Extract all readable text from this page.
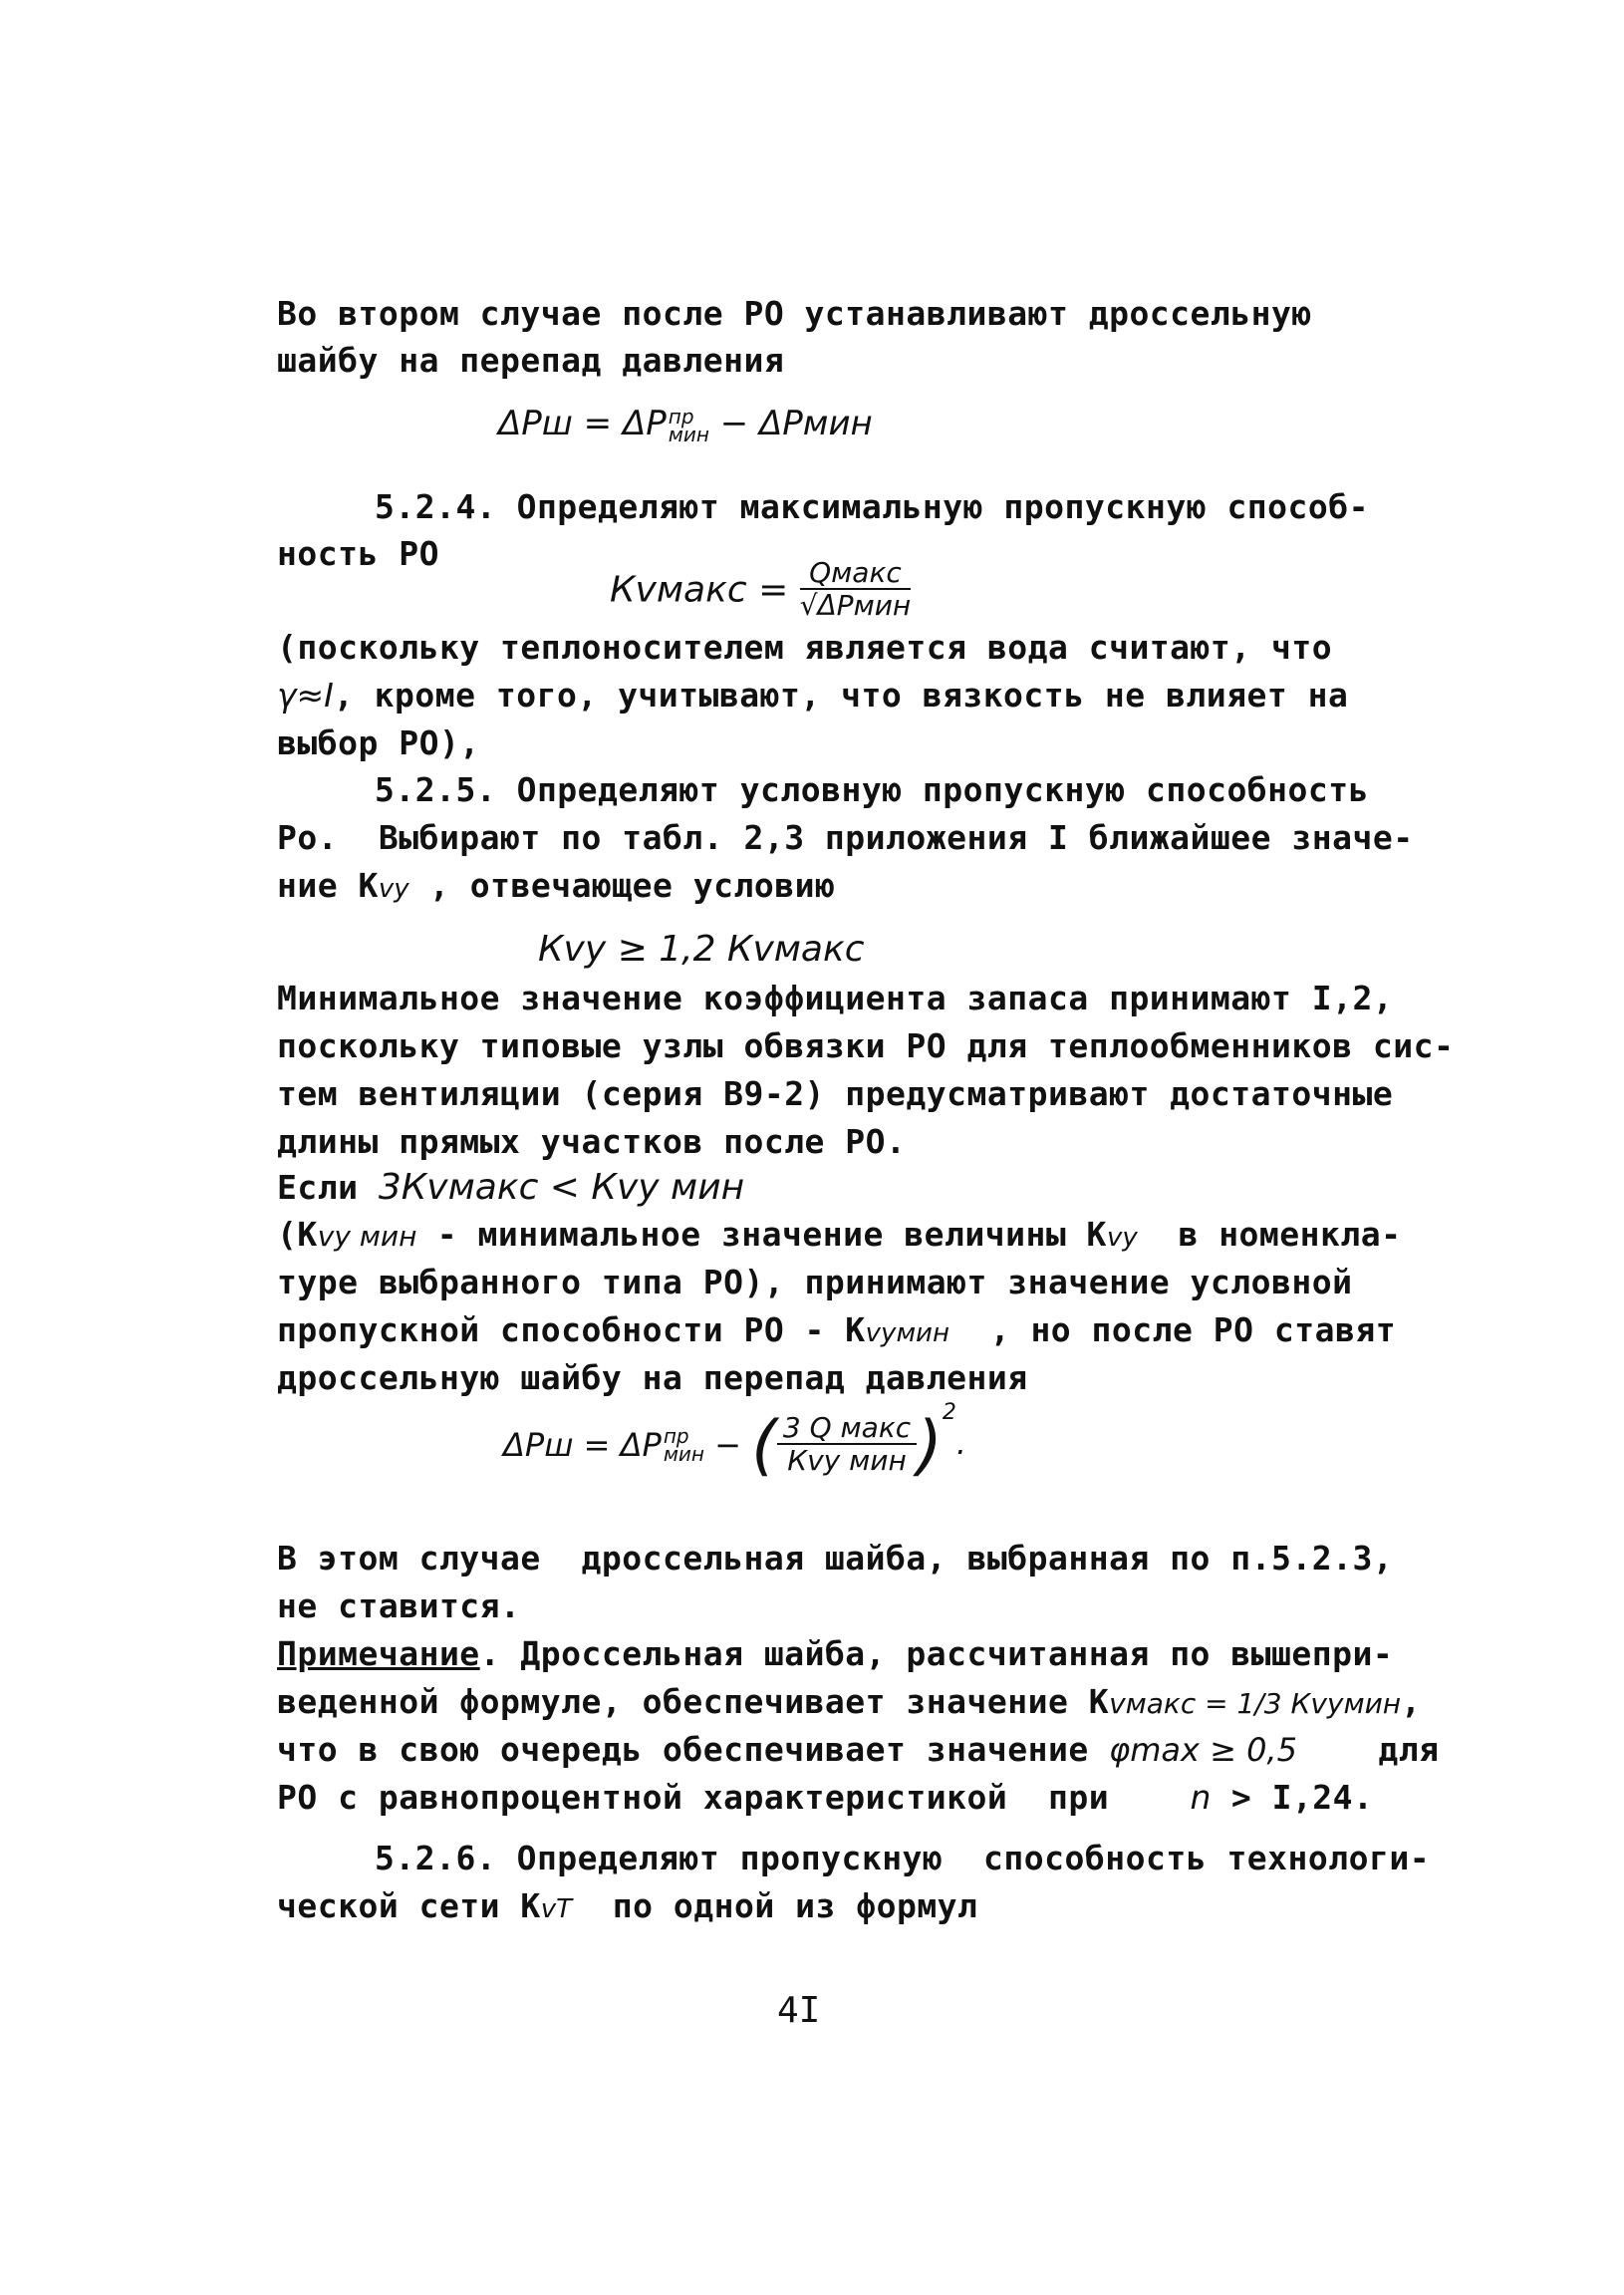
Во втором случае после РО устанавливают дроссельную
шайбу на перепад давления
ΔPш = ΔP пр
мин − ΔPмин
5.2.4. Определяют максимальную пропускную способ-
ность РО
Кvмакс = $\frac{\text{Qмакс}}{\text{√ΔPмин}}$
(поскольку теплоносителем является вода считают, что
γ≈I, кроме того, учитывают, что вязкость не влияет на
выбор РО),
5.2.5. Определяют условную пропускную способность
Ро.  Выбирают по табл. 2,3 приложения I ближайшее значе-
ние Кvy , отвечающее условию
Кvy ≥ 1,2 Кvмакс
Минимальное значение коэффициента запаса принимают I,2,
поскольку типовые узлы обвязки РО для теплообменников сис-
тем вентиляции (серия В9-2) предусматривают достаточные
длины прямых участков после РО.
Если 3Кvмакс < Кvy мин
(Кvy мин - минимальное значение величины Кvy  в номенкла-
туре выбранного типа РО), принимают значение условной
пропускной способности РО - Кvyмин  , но после РО ставят
дроссельную шайбу на перепад давления
ΔPш = ΔP пр
мин − ( $\frac{\text{3 Q макс}}{\text{Кvy мин}} )^2$.
В этом случае  дроссельная шайба, выбранная по п.5.2.3,
не ставится.
Примечание. Дроссельная шайба, рассчитанная по вышепри-
веденной формуле, обеспечивает значение Кvмакс = 1/3 Кvyмин,
что в свою очередь обеспечивает значение φmax ≥ 0,5    для
РО с равнопроцентной характеристикой  при    n > I,24.
5.2.6. Определяют пропускную  способность технологи-
ческой сети КvT  по одной из формул
4I
